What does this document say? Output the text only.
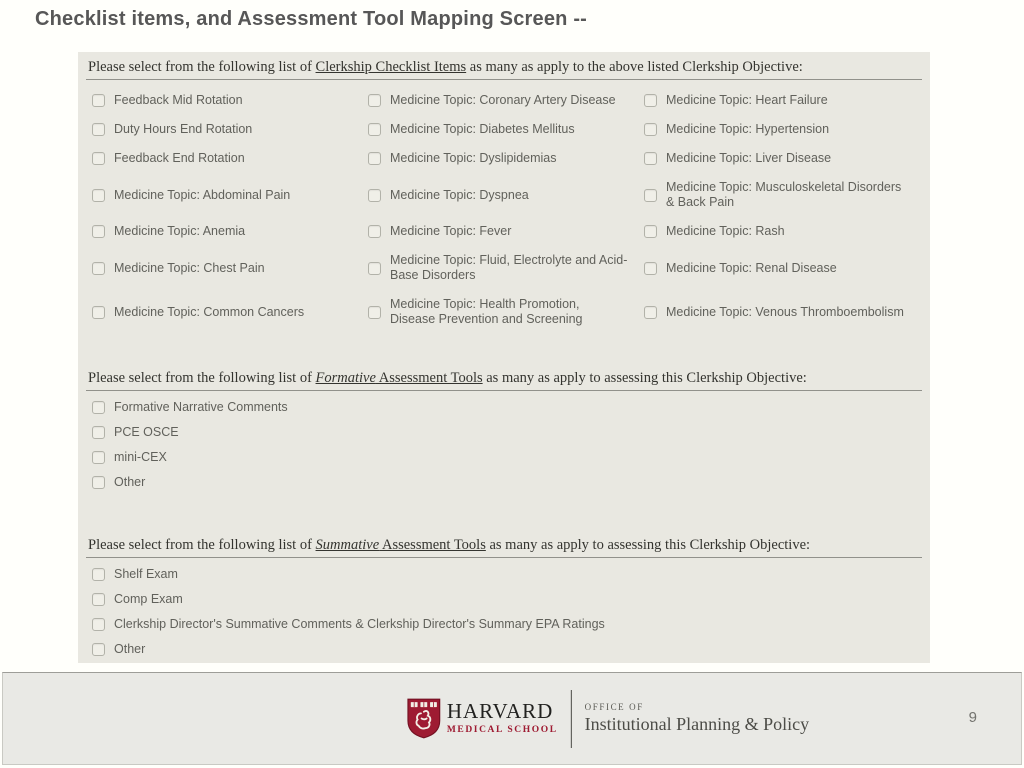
Checklist items, and Assessment Tool Mapping Screen --

Please select from the following list of Clerkship Checklist Items as many as apply to the above listed Clerkship Objective:

Feedback Mid Rotation
Duty Hours End Rotation
Feedback End Rotation
Medicine Topic: Abdominal Pain
Medicine Topic: Anemia
Medicine Topic: Chest Pain
Medicine Topic: Common Cancers
Medicine Topic: Coronary Artery Disease
Medicine Topic: Diabetes Mellitus
Medicine Topic: Dyslipidemias
Medicine Topic: Dyspnea
Medicine Topic: Fever
Medicine Topic: Fluid, Electrolyte and Acid-Base Disorders
Medicine Topic: Health Promotion, Disease Prevention and Screening
Medicine Topic: Heart Failure
Medicine Topic: Hypertension
Medicine Topic: Liver Disease
Medicine Topic: Musculoskeletal Disorders & Back Pain
Medicine Topic: Rash
Medicine Topic: Renal Disease
Medicine Topic: Venous Thromboembolism

Please select from the following list of Formative Assessment Tools as many as apply to assessing this Clerkship Objective:

Formative Narrative Comments
PCE OSCE
mini-CEX
Other

Please select from the following list of Summative Assessment Tools as many as apply to assessing this Clerkship Objective:

Shelf Exam
Comp Exam
Clerkship Director's Summative Comments & Clerkship Director's Summary EPA Ratings
Other
HARVARD
MEDICAL SCHOOL
OFFICE OF
Institutional Planning & Policy	9
